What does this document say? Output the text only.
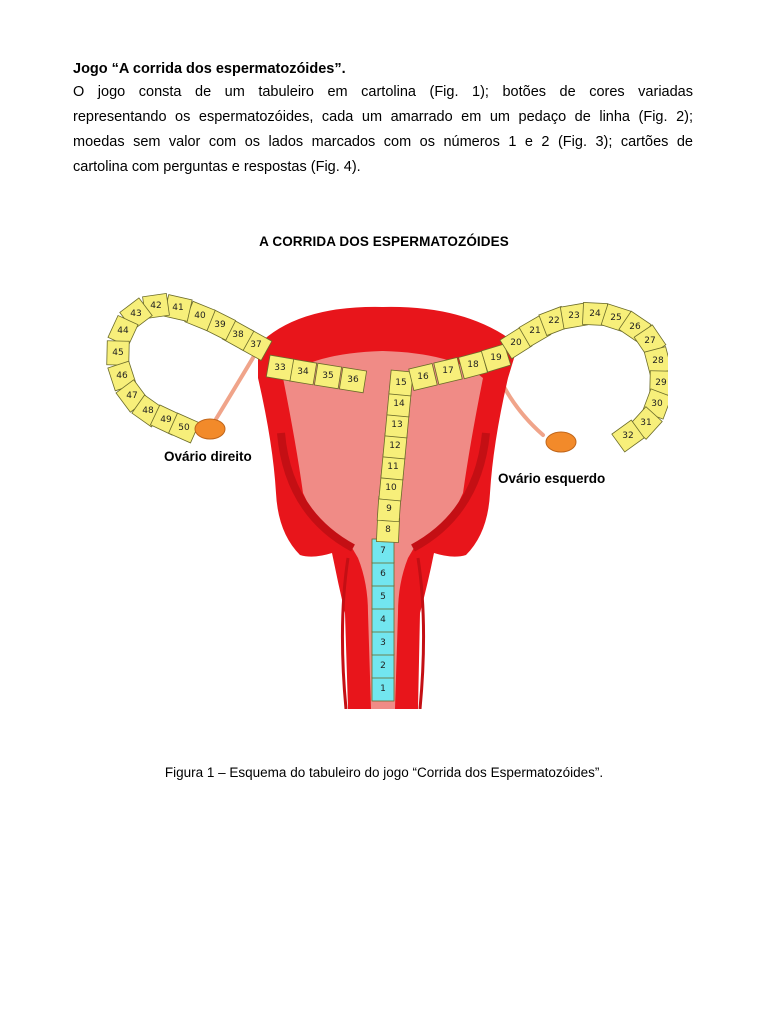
Jogo “A corrida dos espermatozóides”.
O jogo consta de um tabuleiro em cartolina (Fig. 1); botões de cores variadas
representando os espermatozóides, cada um amarrado em um pedaço de linha (Fig. 2);
moedas sem valor com os lados marcados com os números 1 e 2 (Fig. 3); cartões de
cartolina com perguntas e respostas (Fig. 4).
A CORRIDA DOS ESPERMATOZÓIDES
1
2
3
4
5
6
7
8
9
10
11
12
13
14
15
36
35
34
33
16
17
18
19
20
21
22 23 24 25
26
27
28
29
30
31
32
37
38
39
40
41
42
43
44
45
46
47
48
49
50
Ovário direito
Ovário esquerdo
Figura 1 – Esquema do tabuleiro do jogo “Corrida dos Espermatozóides”.
